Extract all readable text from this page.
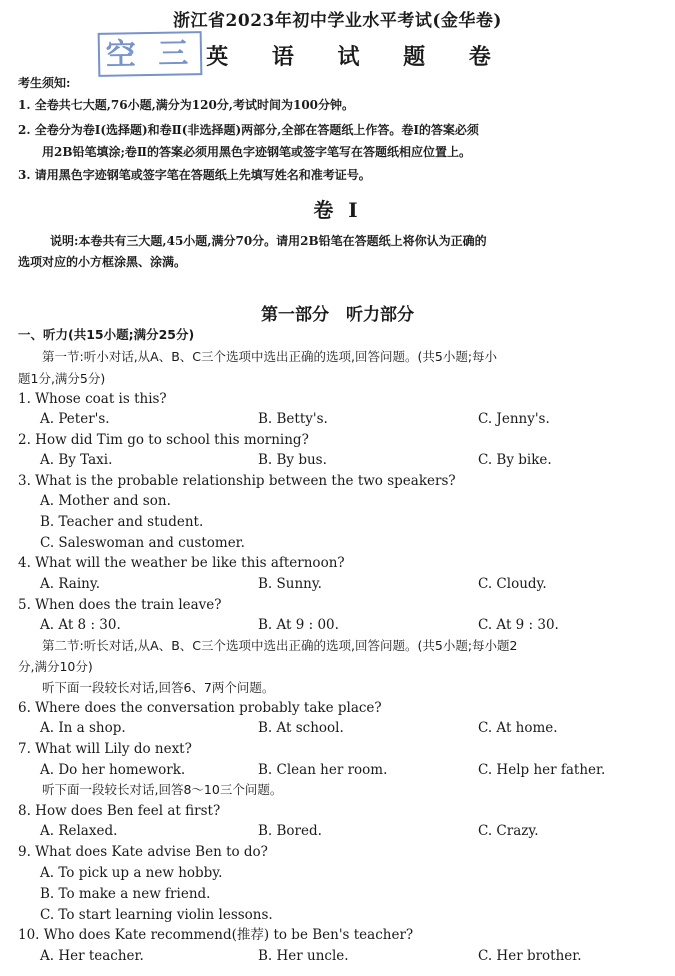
浙江省2023年初中学业水平考试(金华卷)
空 三 英 语 试 题 卷
考生须知:
1. 全卷共七大题,76小题,满分为120分,考试时间为100分钟。
2. 全卷分为卷Ⅰ(选择题)和卷Ⅱ(非选择题)两部分,全部在答题纸上作答。卷Ⅰ的答案必须
用2B铅笔填涂;卷Ⅱ的答案必须用黑色字迹钢笔或签字笔写在答题纸相应位置上。
3. 请用黑色字迹钢笔或签字笔在答题纸上先填写姓名和准考证号。
卷 Ⅰ
说明:本卷共有三大题,45小题,满分70分。请用2B铅笔在答题纸上将你认为正确的
选项对应的小方框涂黑、涂满。
第一部分　听力部分
一、听力(共15小题;满分25分)
第一节:听小对话,从A、B、C三个选项中选出正确的选项,回答问题。(共5小题;每小
题1分,满分5分)
1. Whose coat is this?
A. Peter's.	B. Betty's.	C. Jenny's.
2. How did Tim go to school this morning?
A. By Taxi.	B. By bus.	C. By bike.
3. What is the probable relationship between the two speakers?
A. Mother and son.
B. Teacher and student.
C. Saleswoman and customer.
4. What will the weather be like this afternoon?
A. Rainy.	B. Sunny.	C. Cloudy.
5. When does the train leave?
A. At 8 : 30.	B. At 9 : 00.	C. At 9 : 30.
第二节:听长对话,从A、B、C三个选项中选出正确的选项,回答问题。(共5小题;每小题2
分,满分10分)
听下面一段较长对话,回答6、7两个问题。
6. Where does the conversation probably take place?
A. In a shop.	B. At school.	C. At home.
7. What will Lily do next?
A. Do her homework.	B. Clean her room.	C. Help her father.
听下面一段较长对话,回答8～10三个问题。
8. How does Ben feel at first?
A. Relaxed.	B. Bored.	C. Crazy.
9. What does Kate advise Ben to do?
A. To pick up a new hobby.
B. To make a new friend.
C. To start learning violin lessons.
10. Who does Kate recommend(推荐) to be Ben's teacher?
A. Her teacher.	B. Her uncle.	C. Her brother.
